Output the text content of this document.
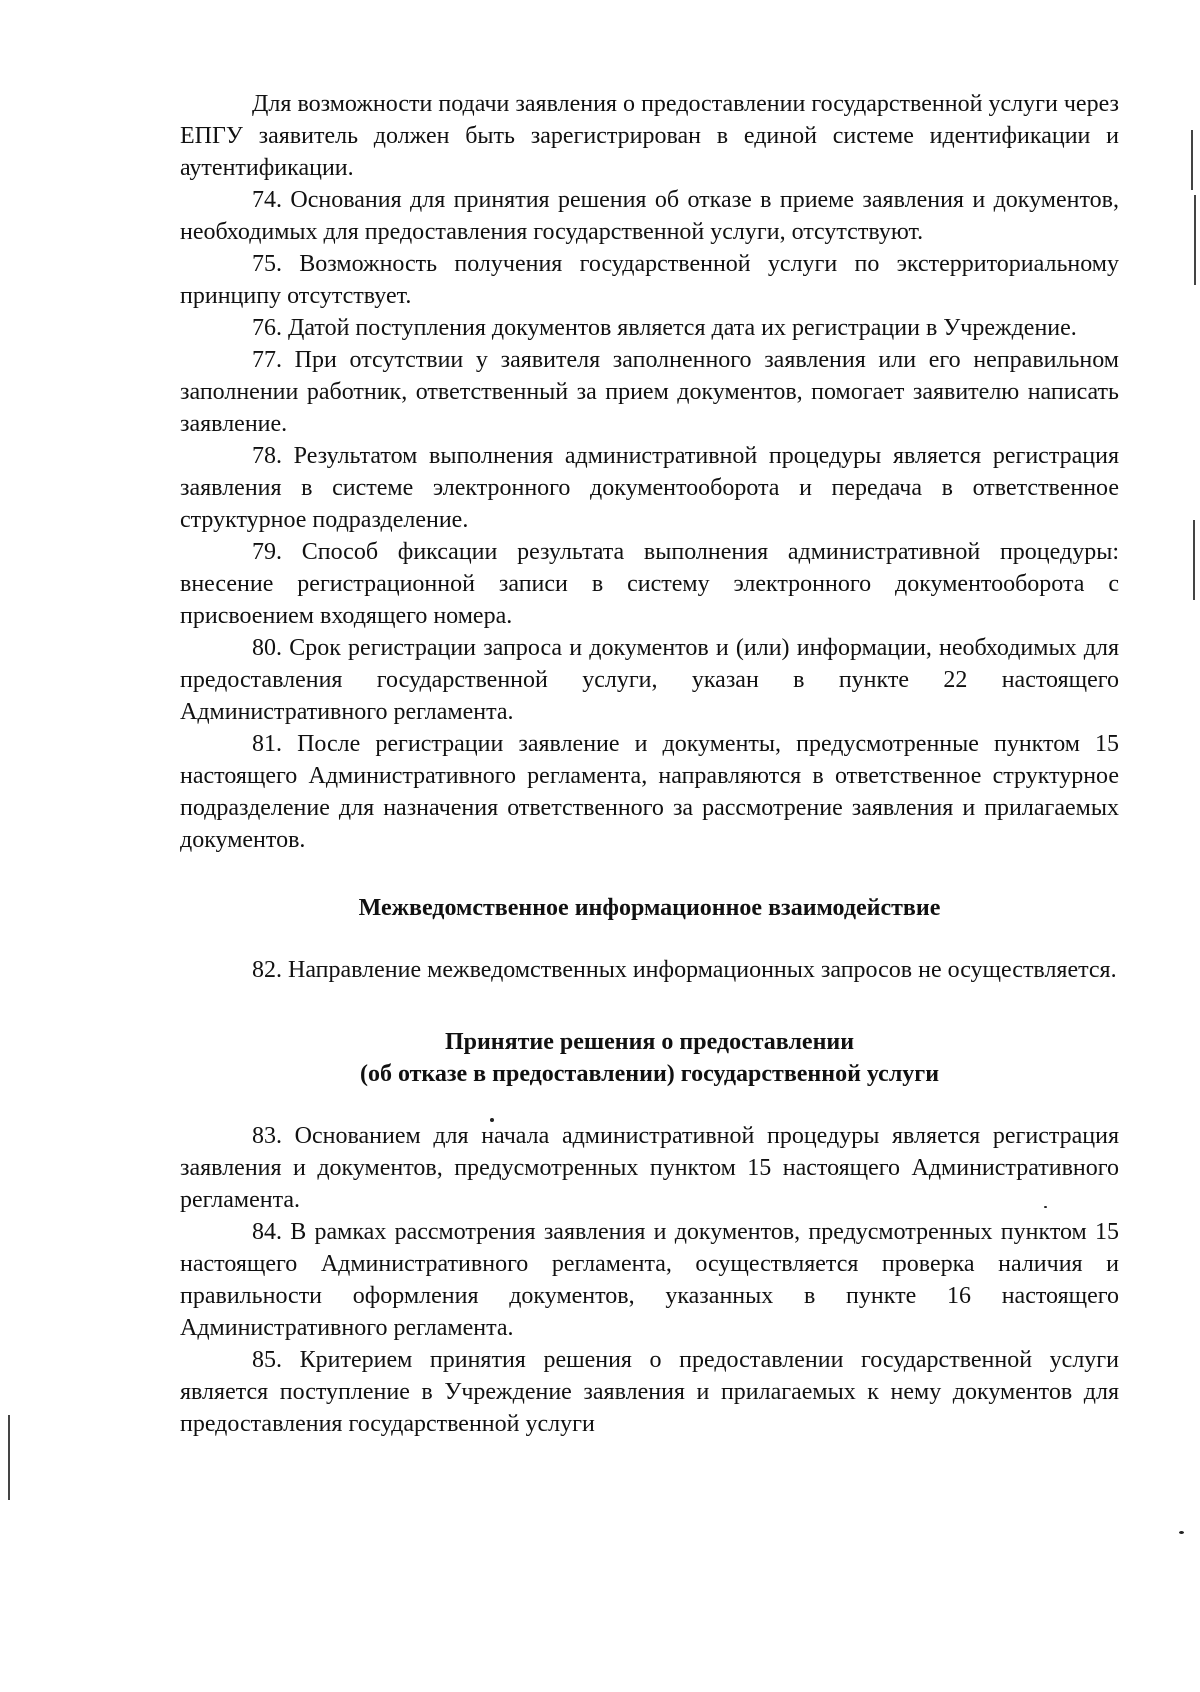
Для возможности подачи заявления о предоставлении государственной услуги через ЕПГУ заявитель должен быть зарегистрирован в единой системе идентификации и аутентификации.

74. Основания для принятия решения об отказе в приеме заявления и документов, необходимых для предоставления государственной услуги, отсутствуют.

75. Возможность получения государственной услуги по экстерриториальному принципу отсутствует.

76. Датой поступления документов является дата их регистрации в Учреждение.

77. При отсутствии у заявителя заполненного заявления или его неправильном заполнении работник, ответственный за прием документов, помогает заявителю написать заявление.

78. Результатом выполнения административной процедуры является регистрация заявления в системе электронного документооборота и передача в ответственное структурное подразделение.

79. Способ фиксации результата выполнения административной процедуры: внесение регистрационной записи в систему электронного документооборота с присвоением входящего номера.

80. Срок регистрации запроса и документов и (или) информации, необходимых для предоставления государственной услуги, указан в пункте 22 настоящего Административного регламента.

81. После регистрации заявление и документы, предусмотренные пунктом 15 настоящего Административного регламента, направляются в ответственное структурное подразделение для назначения ответственного за рассмотрение заявления и прилагаемых документов.

Межведомственное информационное взаимодействие

82. Направление межведомственных информационных запросов не осуществляется.

Принятие решения о предоставлении

(об отказе в предоставлении) государственной услуги

83. Основанием для начала административной процедуры является регистрация заявления и документов, предусмотренных пунктом 15 настоящего Административного регламента.

84. В рамках рассмотрения заявления и документов, предусмотренных пунктом 15 настоящего Административного регламента, осуществляется проверка наличия и правильности оформления документов, указанных в пункте 16 настоящего Административного регламента.

85. Критерием принятия решения о предоставлении государственной услуги является поступление в Учреждение заявления и прилагаемых к нему документов для предоставления государственной услуги
